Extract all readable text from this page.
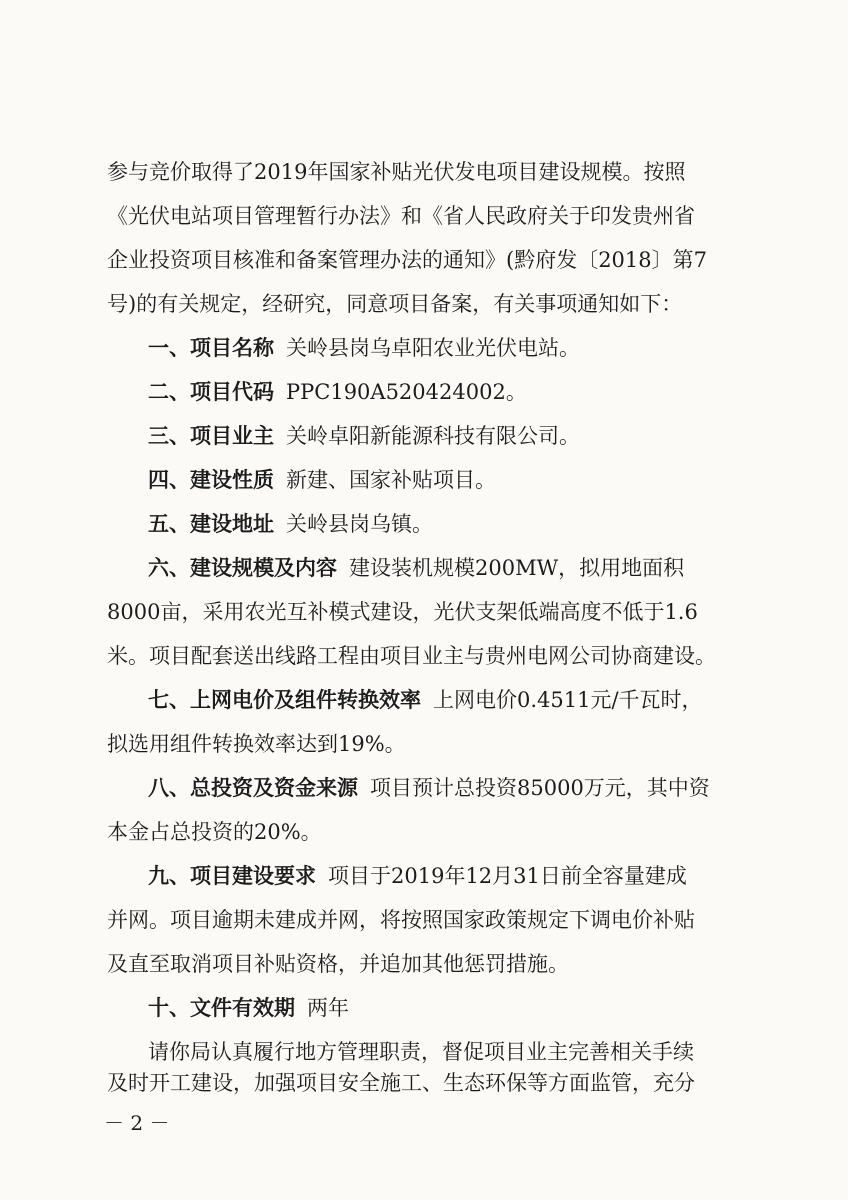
参与竞价取得了2019年国家补贴光伏发电项目建设规模。按照
《光伏电站项目管理暂行办法》和《省人民政府关于印发贵州省
企业投资项目核准和备案管理办法的通知》(黔府发〔2018〕第7
号)的有关规定，经研究，同意项目备案，有关事项通知如下：
一、项目名称 关岭县岗乌卓阳农业光伏电站。
二、项目代码 PPC190A520424002。
三、项目业主 关岭卓阳新能源科技有限公司。
四、建设性质 新建、国家补贴项目。
五、建设地址 关岭县岗乌镇。
六、建设规模及内容 建设装机规模200MW，拟用地面积
8000亩，采用农光互补模式建设，光伏支架低端高度不低于1.6
米。项目配套送出线路工程由项目业主与贵州电网公司协商建设。
七、上网电价及组件转换效率 上网电价0.4511元/千瓦时，
拟选用组件转换效率达到19%。
八、总投资及资金来源 项目预计总投资85000万元，其中资
本金占总投资的20%。
九、项目建设要求 项目于2019年12月31日前全容量建成
并网。项目逾期未建成并网，将按照国家政策规定下调电价补贴
及直至取消项目补贴资格，并追加其他惩罚措施。
十、文件有效期 两年
请你局认真履行地方管理职责，督促项目业主完善相关手续
及时开工建设，加强项目安全施工、生态环保等方面监管，充分
－ 2 －
